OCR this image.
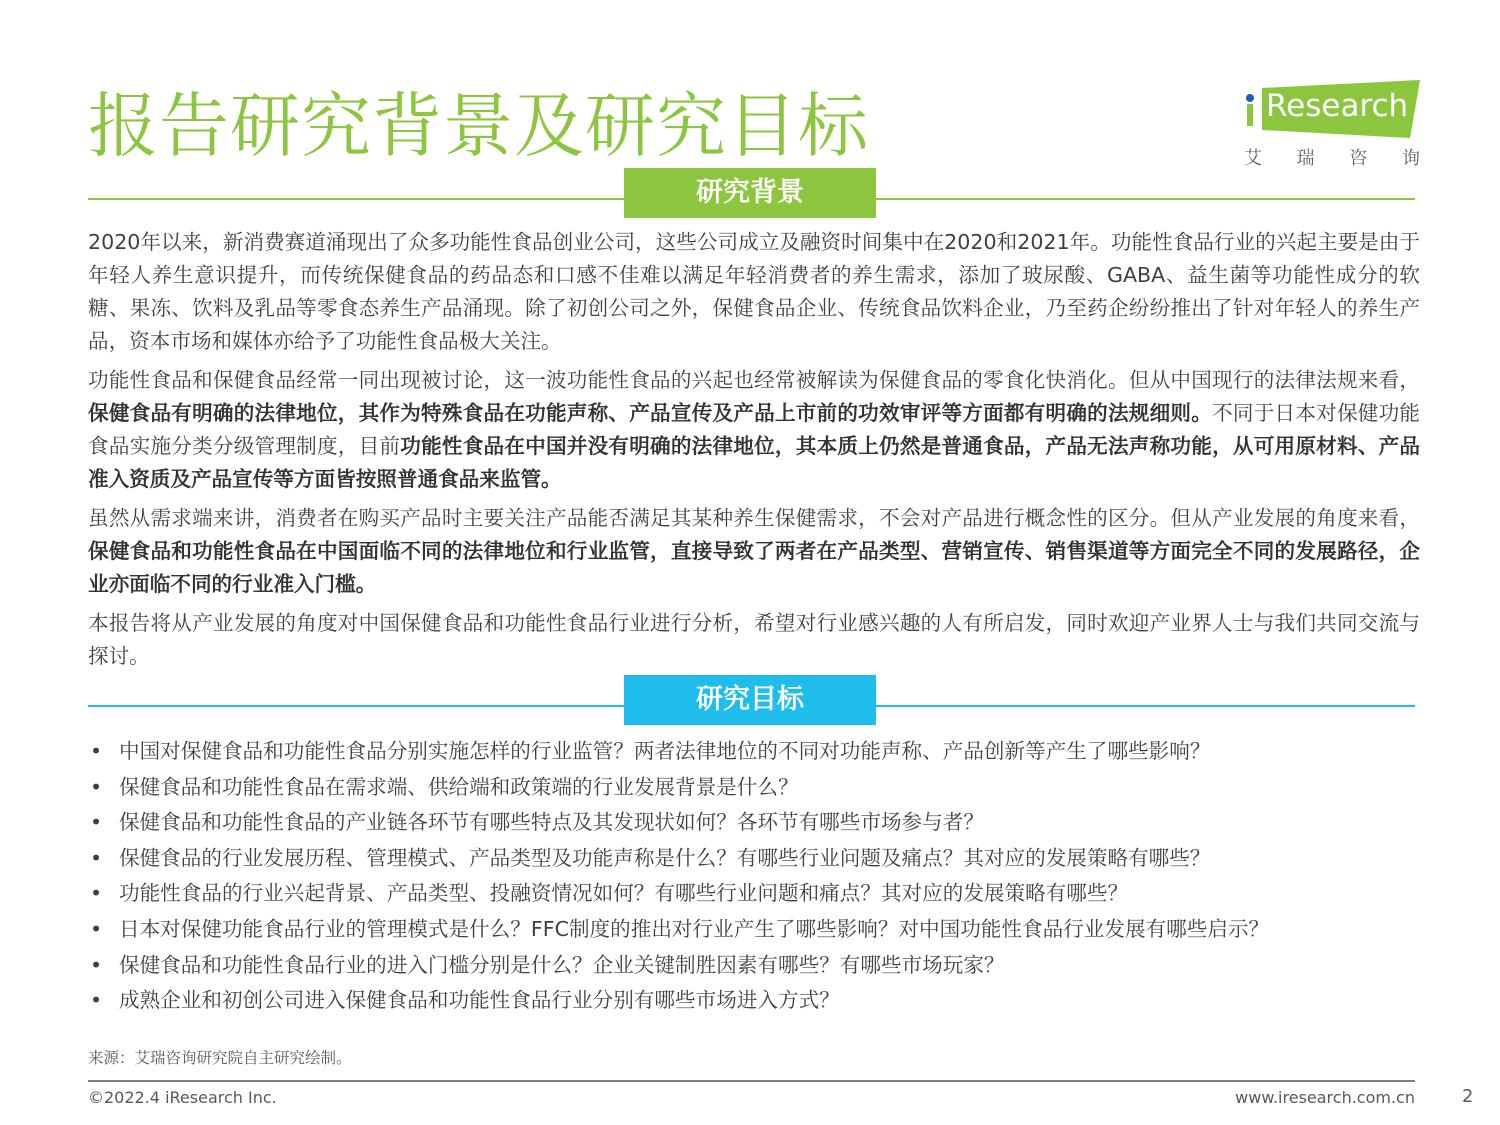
报告研究背景及研究目标	Research
艾 瑞 咨 询
研究背景

2020年以来，新消费赛道涌现出了众多功能性食品创业公司，这些公司成立及融资时间集中在2020和2021年。功能性食品行业的兴起主要是由于年轻人养生意识提升，而传统保健食品的药品态和口感不佳难以满足年轻消费者的养生需求，添加了玻尿酸、GABA、益生菌等功能性成分的软糖、果冻、饮料及乳品等零食态养生产品涌现。除了初创公司之外，保健食品企业、传统食品饮料企业，乃至药企纷纷推出了针对年轻人的养生产品，资本市场和媒体亦给予了功能性食品极大关注。

功能性食品和保健食品经常一同出现被讨论，这一波功能性食品的兴起也经常被解读为保健食品的零食化快消化。但从中国现行的法律法规来看，保健食品有明确的法律地位，其作为特殊食品在功能声称、产品宣传及产品上市前的功效审评等方面都有明确的法规细则。不同于日本对保健功能食品实施分类分级管理制度，目前功能性食品在中国并没有明确的法律地位，其本质上仍然是普通食品，产品无法声称功能，从可用原材料、产品准入资质及产品宣传等方面皆按照普通食品来监管。

虽然从需求端来讲，消费者在购买产品时主要关注产品能否满足其某种养生保健需求，不会对产品进行概念性的区分。但从产业发展的角度来看，保健食品和功能性食品在中国面临不同的法律地位和行业监管，直接导致了两者在产品类型、营销宣传、销售渠道等方面完全不同的发展路径，企业亦面临不同的行业准入门槛。

本报告将从产业发展的角度对中国保健食品和功能性食品行业进行分析，希望对行业感兴趣的人有所启发，同时欢迎产业界人士与我们共同交流与探讨。

研究目标
• 中国对保健食品和功能性食品分别实施怎样的行业监管？两者法律地位的不同对功能声称、产品创新等产生了哪些影响？
• 保健食品和功能性食品在需求端、供给端和政策端的行业发展背景是什么？
• 保健食品和功能性食品的产业链各环节有哪些特点及其发现状如何？各环节有哪些市场参与者？
• 保健食品的行业发展历程、管理模式、产品类型及功能声称是什么？有哪些行业问题及痛点？其对应的发展策略有哪些？
• 功能性食品的行业兴起背景、产品类型、投融资情况如何？有哪些行业问题和痛点？其对应的发展策略有哪些？
• 日本对保健功能食品行业的管理模式是什么？FFC制度的推出对行业产生了哪些影响？对中国功能性食品行业发展有哪些启示？
• 保健食品和功能性食品行业的进入门槛分别是什么？企业关键制胜因素有哪些？有哪些市场玩家？
• 成熟企业和初创公司进入保健食品和功能性食品行业分别有哪些市场进入方式？
来源：艾瑞咨询研究院自主研究绘制。
©2022.4 iResearch Inc.	www.iresearch.com.cn	2
